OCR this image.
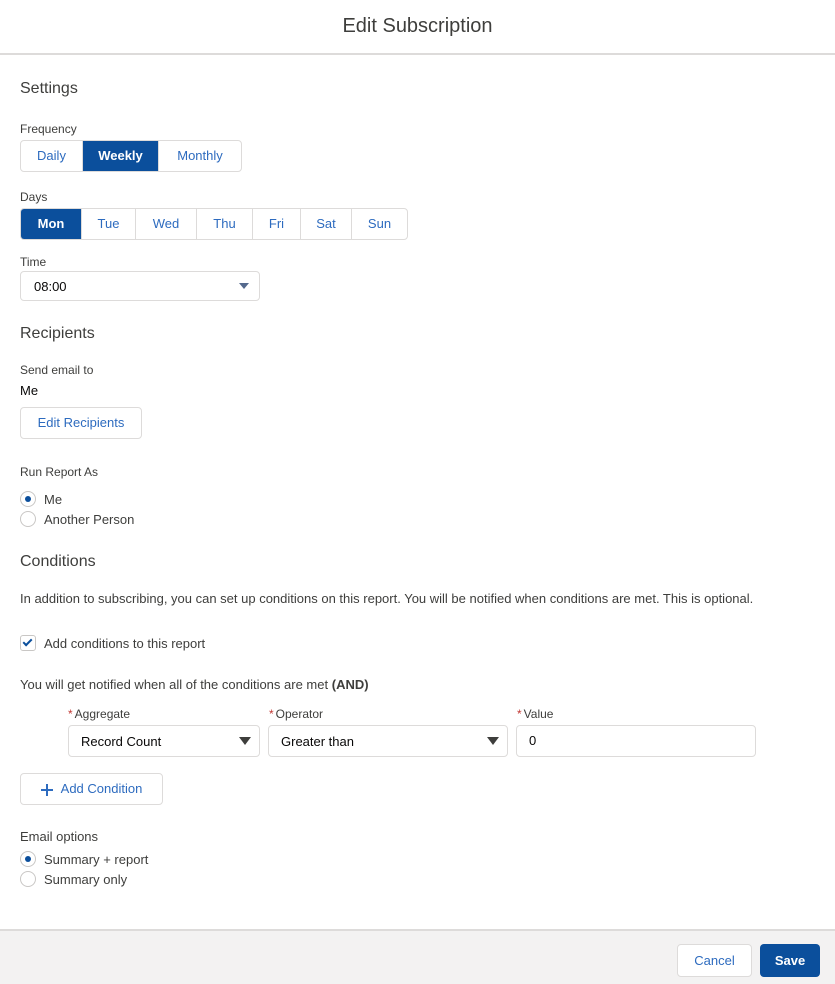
Edit Subscription
Settings
Frequency
Daily	Weekly	Monthly
Days
Mon	Tue	Wed	Thu	Fri	Sat	Sun
Time
08:00
Recipients
Send email to
Me
Edit Recipients
Run Report As
Me
Another Person
Conditions
In addition to subscribing, you can set up conditions on this report. You will be notified when conditions are met. This is optional.
Add conditions to this report
You will get notified when all of the conditions are met (AND)
* Aggregate
Record Count
* Operator
Greater than
* Value
0
Add Condition
Email options
Summary + report
Summary only
Cancel	Save
